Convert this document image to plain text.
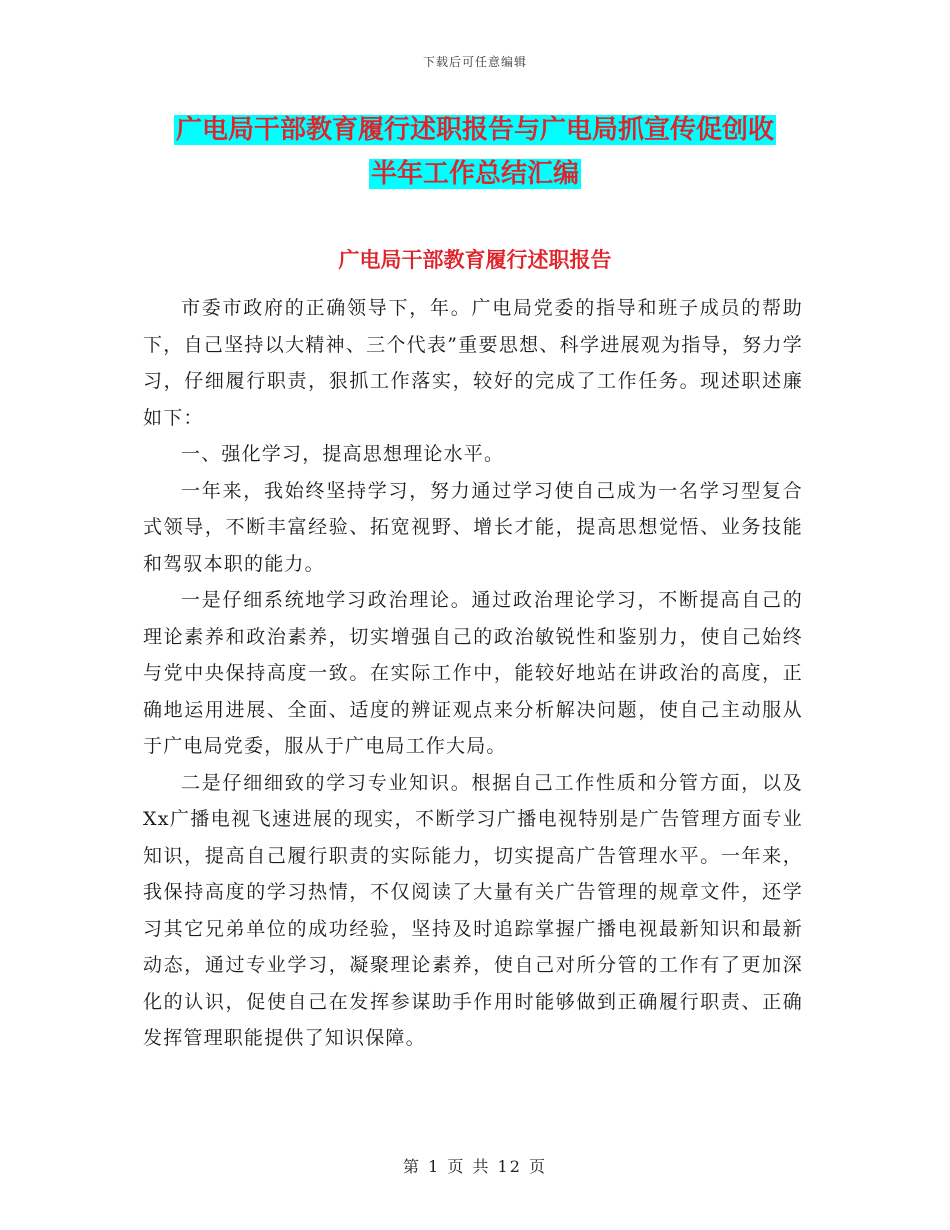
下载后可任意编辑
广电局干部教育履行述职报告与广电局抓宣传促创收
半年工作总结汇编
广电局干部教育履行述职报告

市委市政府的正确领导下，年。广电局党委的指导和班子成员的帮助下，自己坚持以大精神、三个代表”重要思想、科学进展观为指导，努力学习，仔细履行职责，狠抓工作落实，较好的完成了工作任务。现述职述廉如下：

一、强化学习，提高思想理论水平。

一年来，我始终坚持学习，努力通过学习使自己成为一名学习型复合式领导，不断丰富经验、拓宽视野、增长才能，提高思想觉悟、业务技能和驾驭本职的能力。

一是仔细系统地学习政治理论。通过政治理论学习，不断提高自己的理论素养和政治素养，切实增强自己的政治敏锐性和鉴别力，使自己始终与党中央保持高度一致。在实际工作中，能较好地站在讲政治的高度，正确地运用进展、全面、适度的辨证观点来分析解决问题，使自己主动服从于广电局党委，服从于广电局工作大局。

二是仔细细致的学习专业知识。根据自己工作性质和分管方面，以及Xx广播电视飞速进展的现实，不断学习广播电视特别是广告管理方面专业知识，提高自己履行职责的实际能力，切实提高广告管理水平。一年来，我保持高度的学习热情，不仅阅读了大量有关广告管理的规章文件，还学习其它兄弟单位的成功经验，坚持及时追踪掌握广播电视最新知识和最新动态，通过专业学习，凝聚理论素养，使自己对所分管的工作有了更加深化的认识，促使自己在发挥参谋助手作用时能够做到正确履行职责、正确发挥管理职能提供了知识保障。

第 1 页 共 12 页
